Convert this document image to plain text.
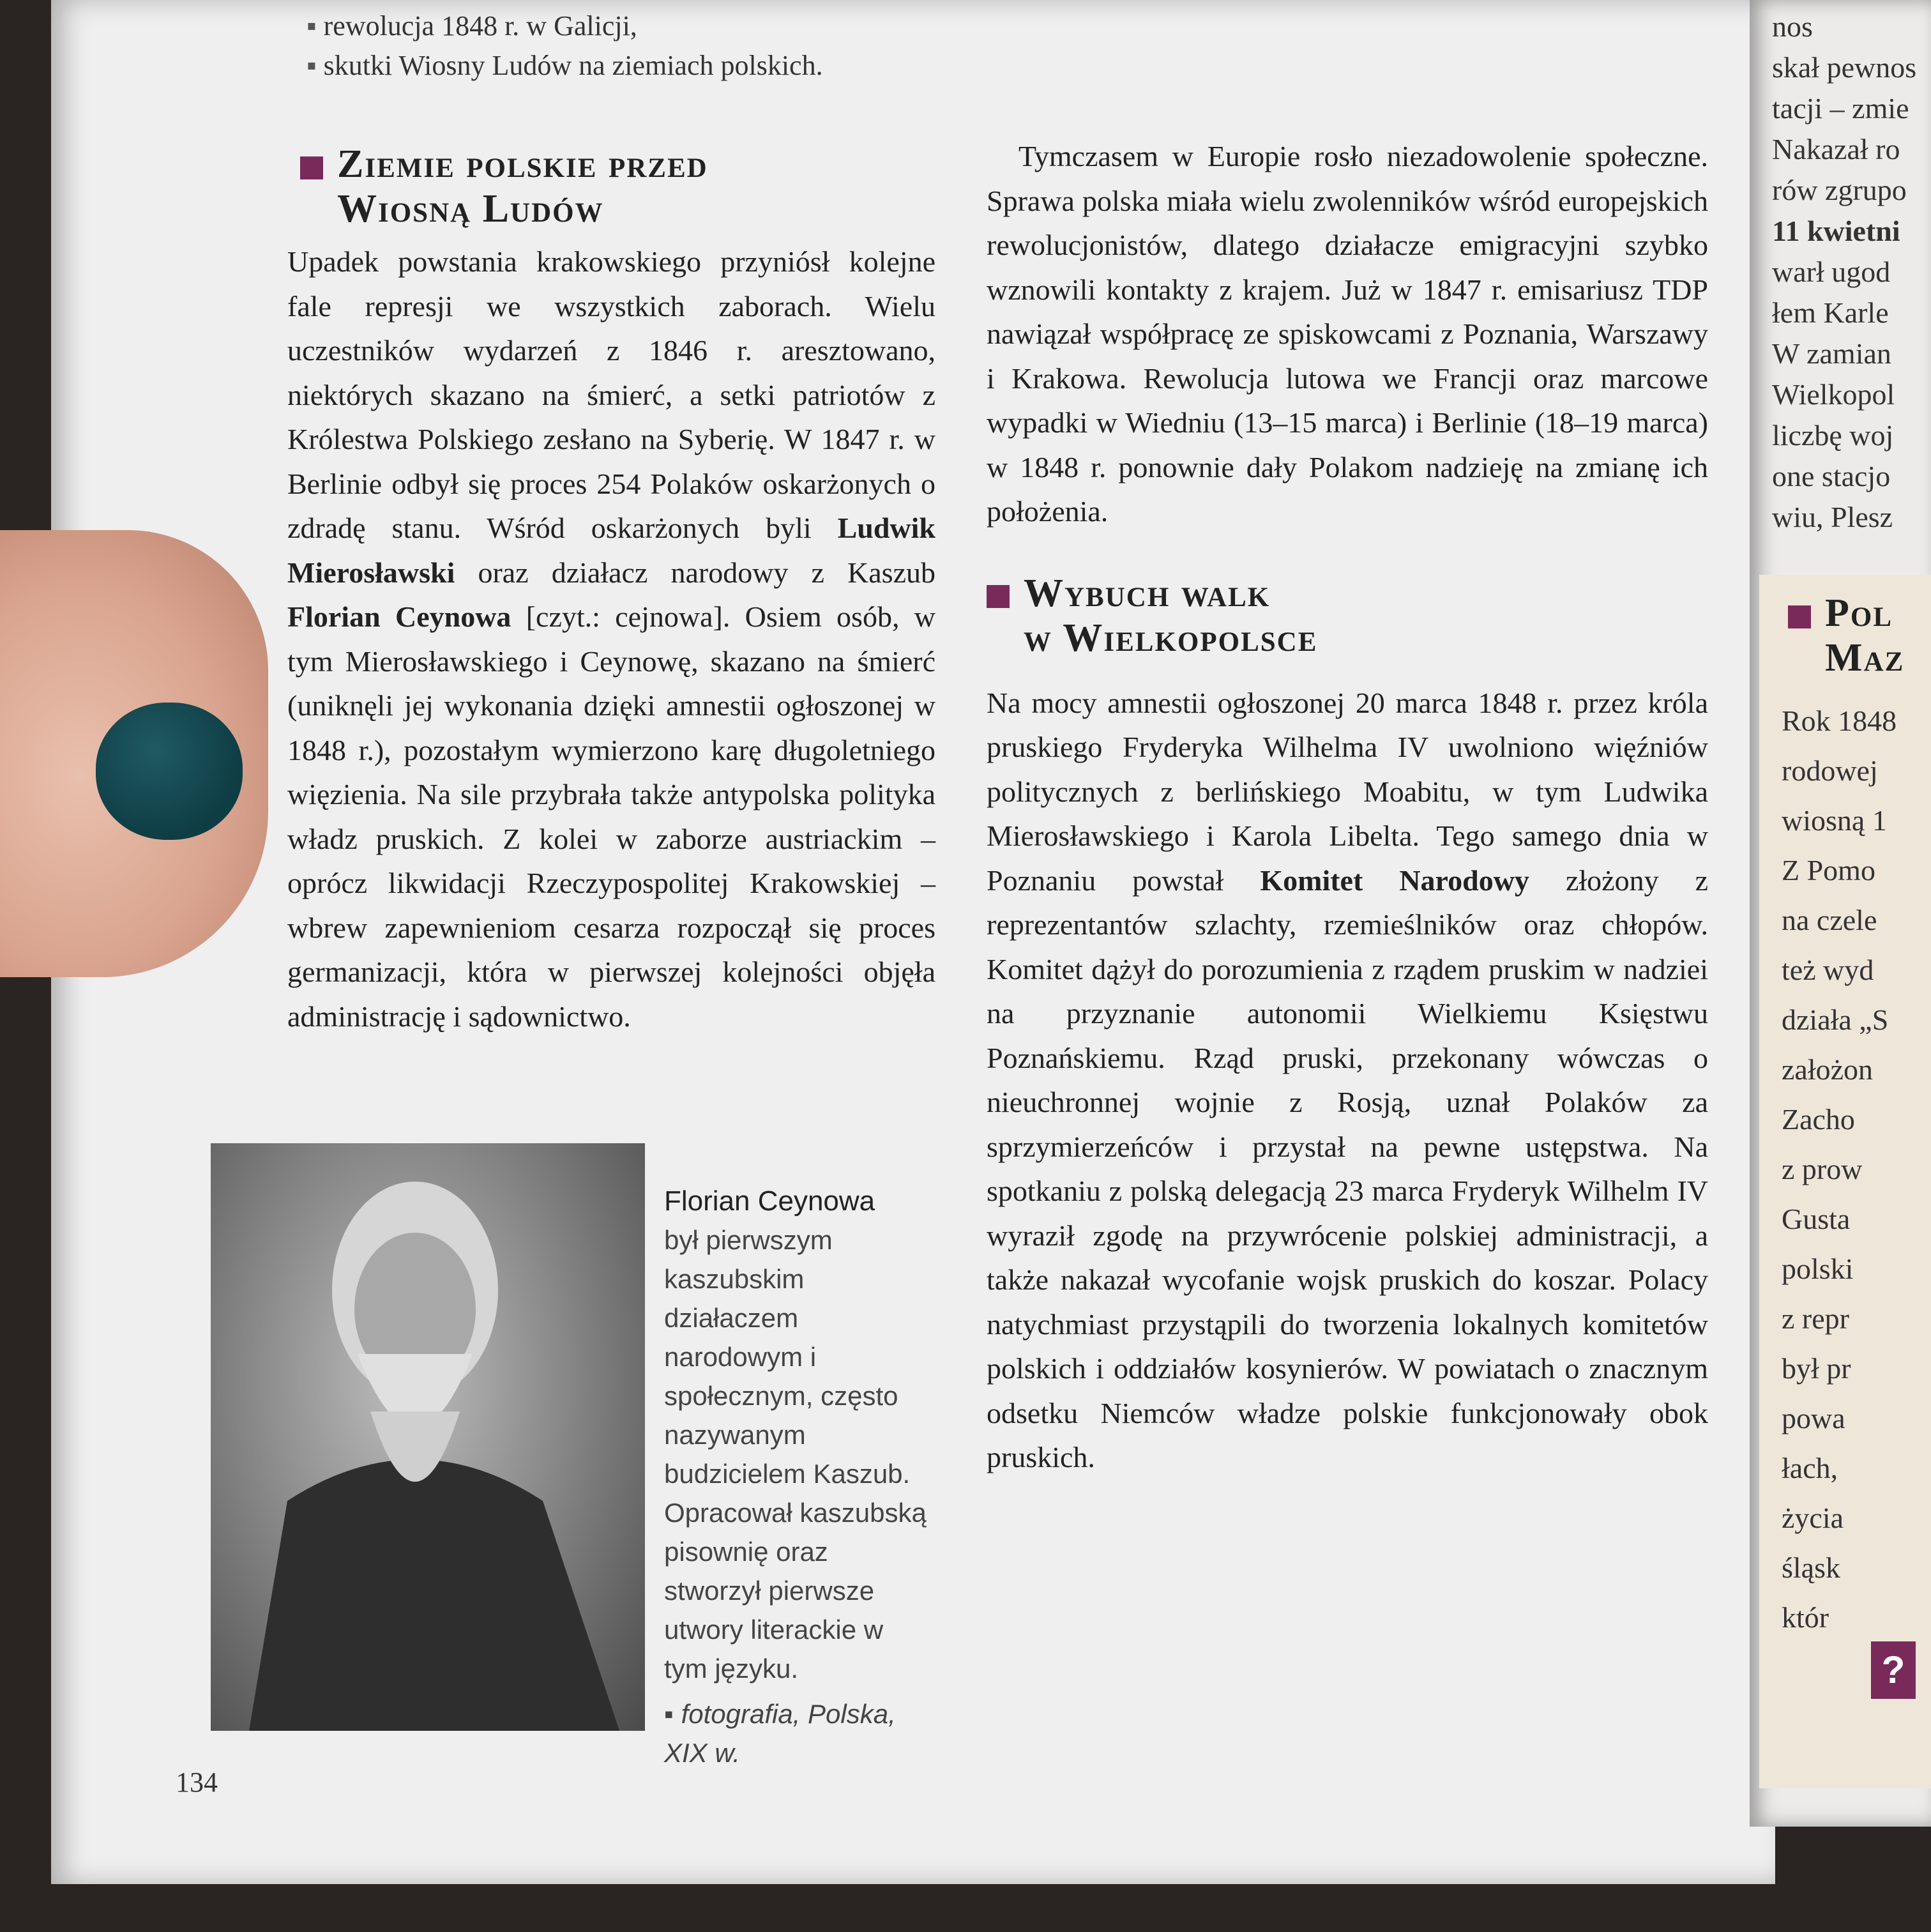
▪ rewolucja 1848 r. w Galicji,
▪ skutki Wiosny Ludów na ziemiach polskich.
Ziemie polskie przed
Wiosną Ludów
Upadek powstania krakowskiego przyniósł kolejne fale represji we wszystkich zaborach. Wielu uczestników wydarzeń z 1846 r. aresztowano, niektórych skazano na śmierć, a setki patriotów z Królestwa Polskiego zesłano na Syberię. W 1847 r. w Berlinie odbył się proces 254 Polaków oskarżonych o zdradę stanu. Wśród oskarżonych byli Ludwik Mierosławski oraz działacz narodowy z Kaszub Florian Ceynowa [czyt.: cejnowa]. Osiem osób, w tym Mierosławskiego i Ceynowę, skazano na śmierć (uniknęli jej wykonania dzięki amnestii ogłoszonej w 1848 r.), pozostałym wymierzono karę długoletniego więzienia. Na sile przybrała także antypolska polityka władz pruskich. Z kolei w zaborze austriackim – oprócz likwidacji Rzeczypospolitej Krakowskiej – wbrew zapewnieniom cesarza rozpoczął się proces germanizacji, która w pierwszej kolejności objęła administrację i sądownictwo.
Florian Ceynowa
był pierwszym kaszubskim działaczem narodowym i społecznym, często nazywanym budzicielem Kaszub. Opracował kaszubską pisownię oraz stworzył pierwsze utwory literackie w tym języku.
▪ fotografia, Polska, XIX w.
Tymczasem w Europie rosło niezadowolenie społeczne. Sprawa polska miała wielu zwolenników wśród europejskich rewolucjonistów, dlatego działacze emigracyjni szybko wznowili kontakty z krajem. Już w 1847 r. emisariusz TDP nawiązał współpracę ze spiskowcami z Poznania, Warszawy i Krakowa. Rewolucja lutowa we Francji oraz marcowe wypadki w Wiedniu (13–15 marca) i Berlinie (18–19 marca) w 1848 r. ponownie dały Polakom nadzieję na zmianę ich położenia.
Wybuch walk
w Wielkopolsce
Na mocy amnestii ogłoszonej 20 marca 1848 r. przez króla pruskiego Fryderyka Wilhelma IV uwolniono więźniów politycznych z berlińskiego Moabitu, w tym Ludwika Mierosławskiego i Karola Libelta. Tego samego dnia w Poznaniu powstał Komitet Narodowy złożony z reprezentantów szlachty, rzemieślników oraz chłopów. Komitet dążył do porozumienia z rządem pruskim w nadziei na przyznanie autonomii Wielkiemu Księstwu Poznańskiemu. Rząd pruski, przekonany wówczas o nieuchronnej wojnie z Rosją, uznał Polaków za sprzymierzeńców i przystał na pewne ustępstwa. Na spotkaniu z polską delegacją 23 marca Fryderyk Wilhelm IV wyraził zgodę na przywrócenie polskiej administracji, a także nakazał wycofanie wojsk pruskich do koszar. Polacy natychmiast przystąpili do tworzenia lokalnych komitetów polskich i oddziałów kosynierów. W powiatach o znacznym odsetku Niemców władze polskie funkcjonowały obok pruskich.
134
nos
skał pewnos
tacji – zmie
Nakazał ro
rów zgrupo
11 kwietni
warł ugod
łem Karle
W zamian
Wielkopol
liczbę woj
one stacjo
wiu, Plesz
Pol
Maz
Rok 1848
rodowej
wiosną 1
Z Pomo
na czele
też wyd
działa „S
założon
Zacho
z prow
Gusta
polski
z repr
był pr
powa
łach,
życia
śląsk
któr
?
